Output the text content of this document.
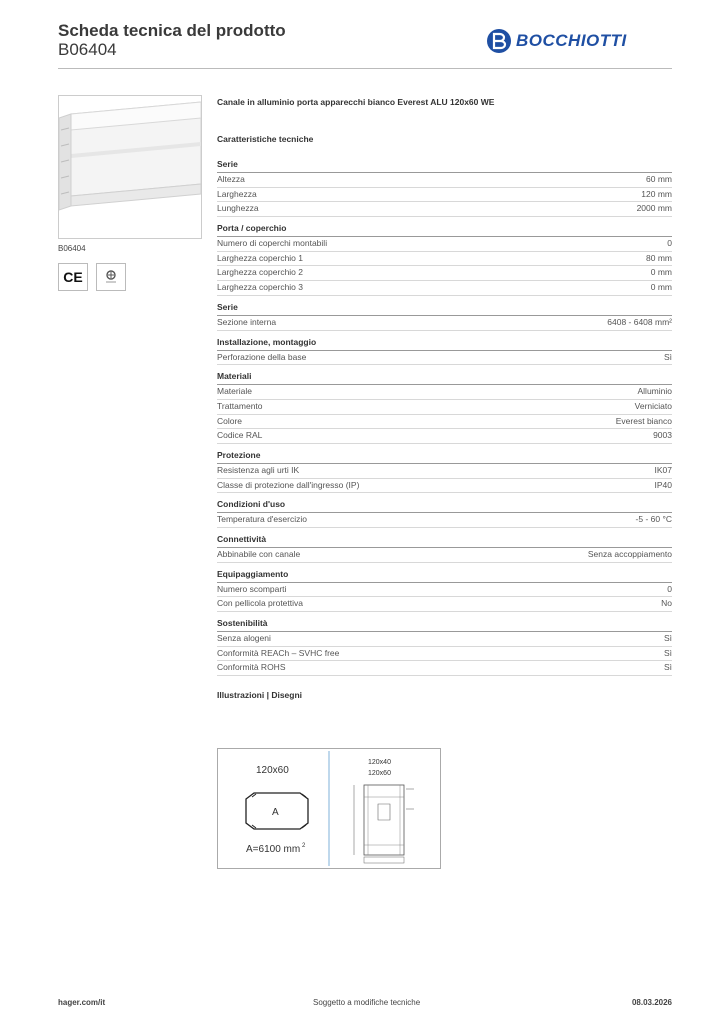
Scheda tecnica del prodotto
B06404	BOCCHIOTTI
B06404
CE
Canale in alluminio porta apparecchi bianco Everest ALU 120x60 WE
Caratteristiche tecniche
Serie
Altezza	60 mm
Larghezza	120 mm
Lunghezza	2000 mm
Porta / coperchio
Numero di coperchi montabili	0
Larghezza coperchio 1	80 mm
Larghezza coperchio 2	0 mm
Larghezza coperchio 3	0 mm
Serie
Sezione interna	6408 - 6408 mm²
Installazione, montaggio
Perforazione della base	Sì
Materiali
Materiale	Alluminio
Trattamento	Verniciato
Colore	Everest bianco
Codice RAL	9003
Protezione
Resistenza agli urti IK	IK07
Classe di protezione dall'ingresso (IP)	IP40
Condizioni d'uso
Temperatura d'esercizio	-5 - 60 °C
Connettività
Abbinabile con canale	Senza accoppiamento
Equipaggiamento
Numero scomparti	0
Con pellicola protettiva	No
Sostenibilità
Senza alogeni	Sì
Conformità REACh – SVHC free	Sì
Conformità ROHS	Sì
Illustrazioni | Disegni
120x60
A
A=6100 mm 2
120x40
120x60
hager.com/it	Soggetto a modifiche tecniche	08.03.2026
